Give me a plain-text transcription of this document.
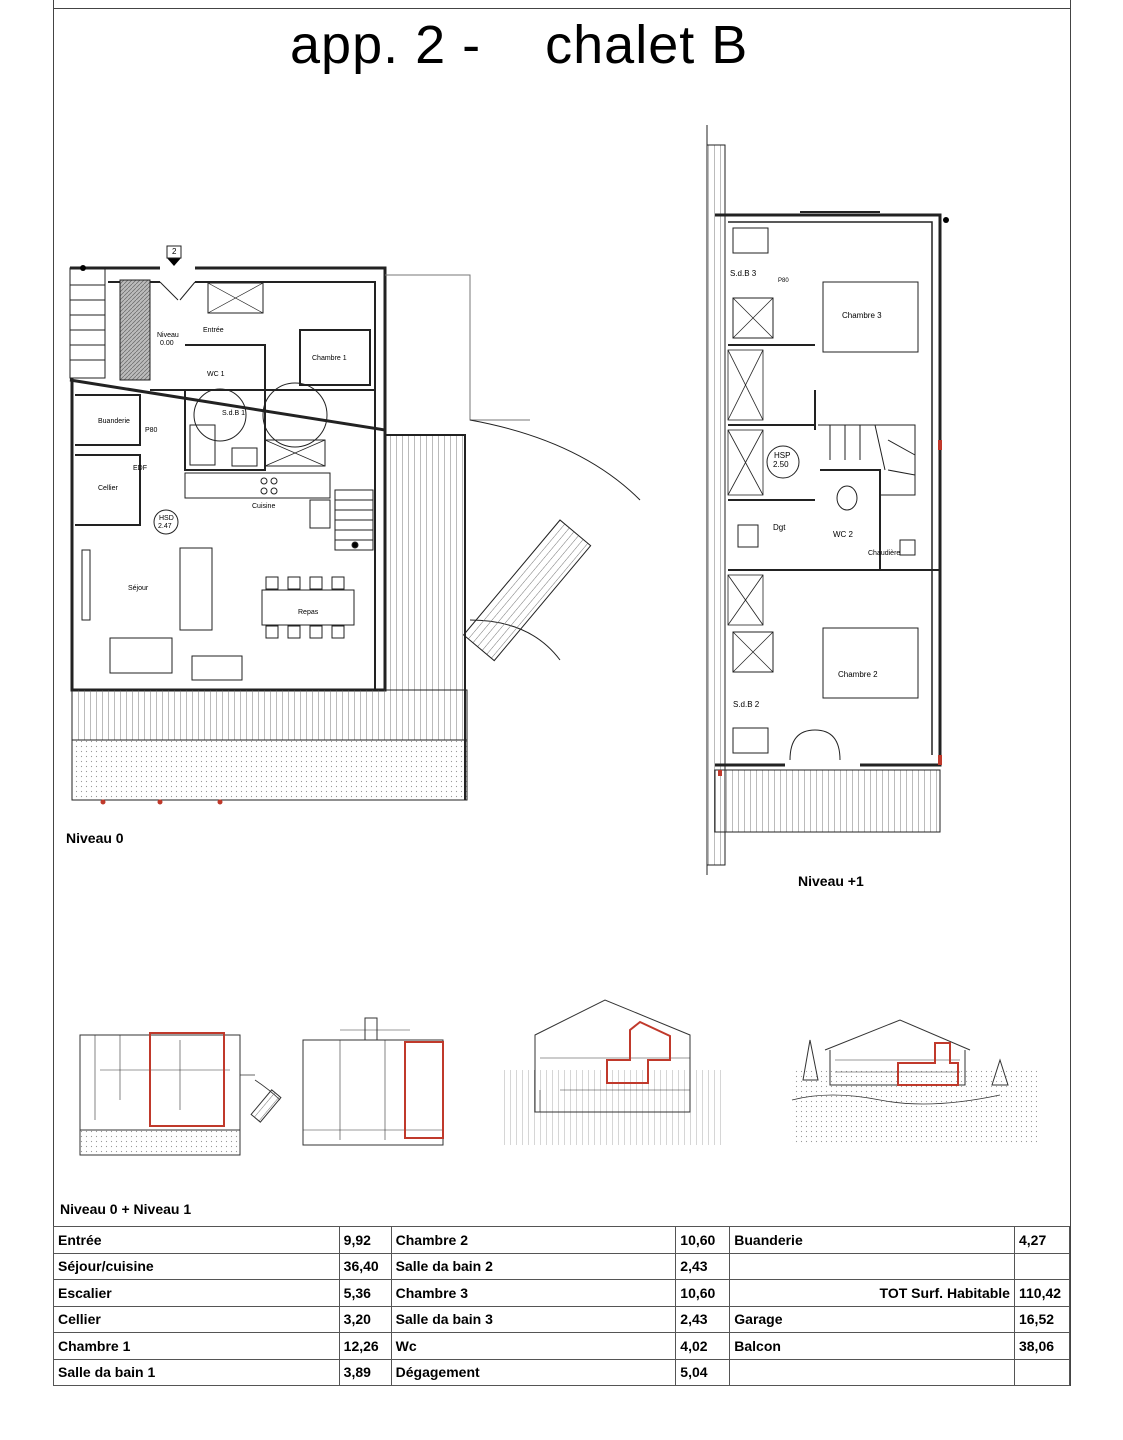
app. 2 -    chalet B
2
Entrée
Niveau
0.00
WC 1
Chambre 1
Buanderie
S.d.B 1
EDF
Cellier
HSD
2.47
Cuisine
Séjour
Repas
P80
S.d.B 3
Chambre 3
HSP
2.50
Dgt
WC 2
Chaudière
Chambre 2
S.d.B 2
P80
Niveau 0
Niveau +1
Niveau 0 + Niveau 1
Entrée	9,92	Chambre 2	10,60	Buanderie	4,27
Séjour/cuisine	36,40	Salle da bain 2	2,43		
Escalier	5,36	Chambre 3	10,60	TOT Surf. Habitable	110,42
Cellier	3,20	Salle da bain 3	2,43	Garage	16,52
Chambre 1	12,26	Wc	4,02	Balcon	38,06
Salle da bain 1	3,89	Dégagement	5,04		
